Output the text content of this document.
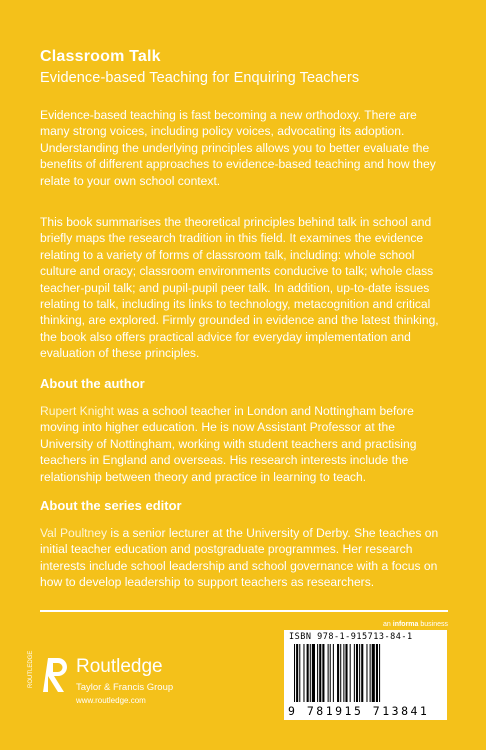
Classroom Talk
Evidence-based Teaching for Enquiring Teachers

Evidence-based teaching is fast becoming a new orthodoxy. There are many strong voices, including policy voices, advocating its adoption. Understanding the underlying principles allows you to better evaluate the benefits of different approaches to evidence-based teaching and how they relate to your own school context.

This book summarises the theoretical principles behind talk in school and briefly maps the research tradition in this field. It examines the evidence relating to a variety of forms of classroom talk, including: whole school culture and oracy; classroom environments conducive to talk; whole class teacher-pupil talk; and pupil-pupil peer talk. In addition, up-to-date issues relating to talk, including its links to technology, metacognition and critical thinking, are explored. Firmly grounded in evidence and the latest thinking, the book also offers practical advice for everyday implementation and evaluation of these principles.

About the author

Rupert Knight was a school teacher in London and Nottingham before moving into higher education. He is now Assistant Professor at the University of Nottingham, working with student teachers and practising teachers in England and overseas. His research interests include the relationship between theory and practice in learning to teach.

About the series editor

Val Poultney is a senior lecturer at the University of Derby. She teaches on initial teacher education and postgraduate programmes. Her research interests include school leadership and school governance with a focus on how to develop leadership to support teachers as researchers.

an informa business
ISBN 978-1-915713-84-1
9 781915 713841
ROUTLEDGE Routledge
Taylor & Francis Group
www.routledge.com
